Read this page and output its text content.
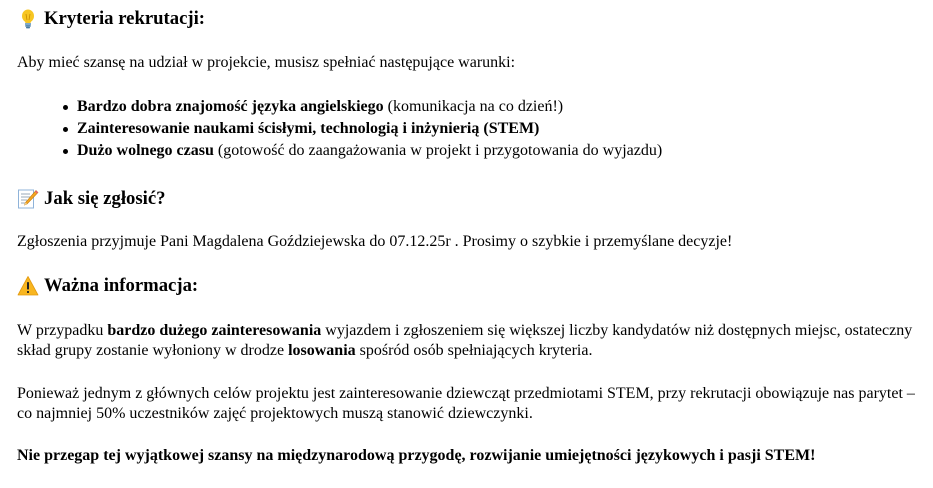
Kryteria rekrutacji:

Aby mieć szansę na udział w projekcie, musisz spełniać następujące warunki:

Bardzo dobra znajomość języka angielskiego (komunikacja na co dzień!)
Zainteresowanie naukami ścisłymi, technologią i inżynierią (STEM)
Dużo wolnego czasu (gotowość do zaangażowania w projekt i przygotowania do wyjazdu)
Jak się zgłosić?

Zgłoszenia przyjmuje Pani Magdalena Goździejewska do 07.12.25r . Prosimy o szybkie i przemyślane decyzje!

Ważna informacja:

W przypadku bardzo dużego zainteresowania wyjazdem i zgłoszeniem się większej liczby kandydatów niż dostępnych miejsc, ostateczny skład grupy zostanie wyłoniony w drodze losowania spośród osób spełniających kryteria.

Ponieważ jednym z głównych celów projektu jest zainteresowanie dziewcząt przedmiotami STEM, przy rekrutacji obowiązuje nas parytet – co najmniej 50% uczestników zajęć projektowych muszą stanowić dziewczynki.

Nie przegap tej wyjątkowej szansy na międzynarodową przygodę, rozwijanie umiejętności językowych i pasji STEM!
